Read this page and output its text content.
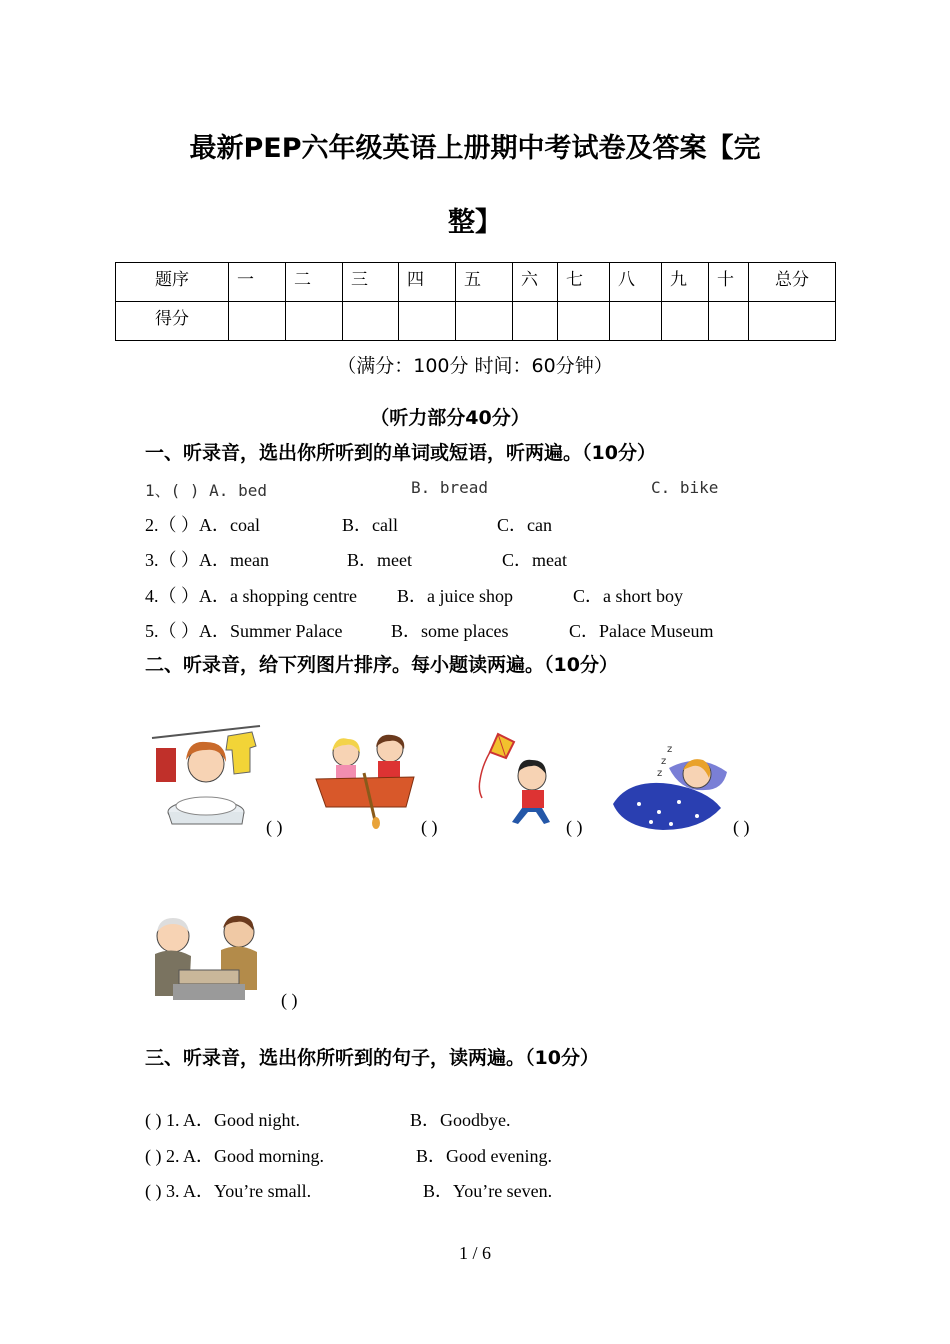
最新PEP六年级英语上册期中考试卷及答案【完
整】
题序	一	二	三	四	五	六	七	八	九	十	总分
得分											
（满分：100分 时间：60分钟）
（听力部分40分）
一、听录音，选出你所听到的单词或短语，听两遍。（10分）
1、( ) A. bed	B. bread	C. bike
2.（ ）A．coal	B．call	C．can
3.（ ）A．mean	B．meet	C．meat
4.（ ）A．a shopping centre B．a juice shop	C．a short boy
5.（ ）A．Summer Palace	B．some places	C．Palace Museum
二、听录音，给下列图片排序。每小题读两遍。（10分）
( )	( )	( )
z
z
z
( )
( )
三、听录音，选出你所听到的句子，读两遍。（10分）
( ) 1. A．Good night.	B．Goodbye.
( ) 2. A．Good morning.	B．Good evening.
( ) 3. A．You’re small.	B．You’re seven.
1 / 6
